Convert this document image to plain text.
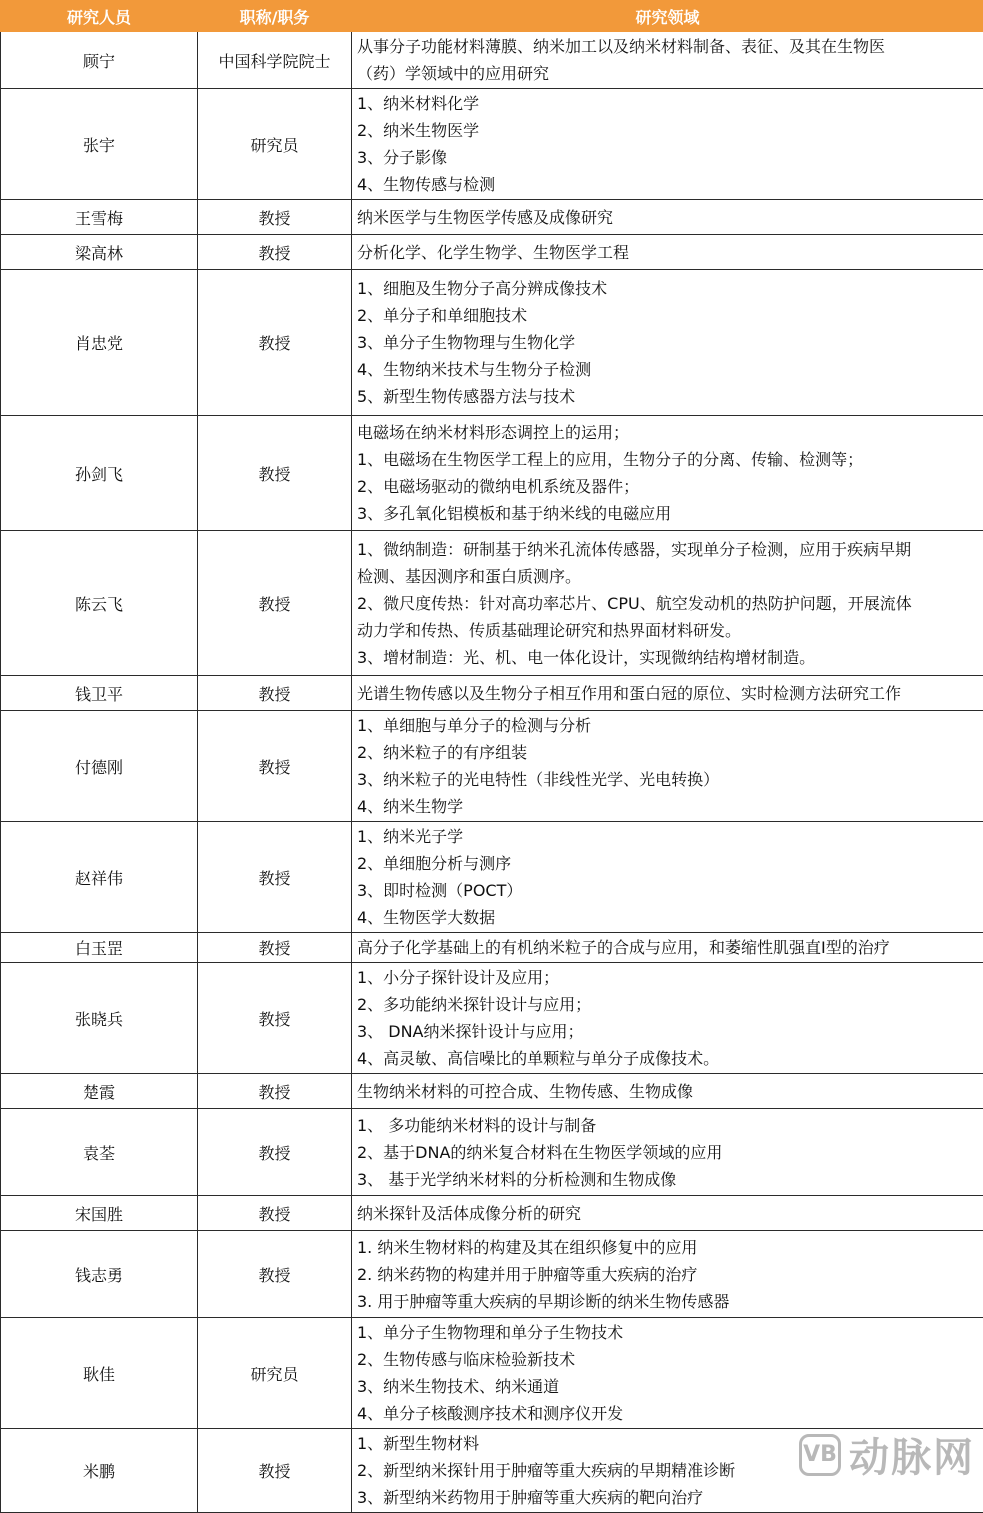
研究人员	职称/职务	研究领域
顾宁	中国科学院院士	从事分子功能材料薄膜、纳米加工以及纳米材料制备、表征、及其在生物医
（药）学领域中的应用研究

张宇	研究员	1、纳米材料化学
2、纳米生物医学
3、分子影像
4、生物传感与检测

王雪梅	教授	纳米医学与生物医学传感及成像研究

梁高林	教授	分析化学、化学生物学、生物医学工程

肖忠党	教授	1、细胞及生物分子高分辨成像技术
2、单分子和单细胞技术
3、单分子生物物理与生物化学
4、生物纳米技术与生物分子检测
5、新型生物传感器方法与技术

孙剑飞	教授	电磁场在纳米材料形态调控上的运用；
1、电磁场在生物医学工程上的应用，生物分子的分离、传输、检测等；
2、电磁场驱动的微纳电机系统及器件；
3、多孔氧化铝模板和基于纳米线的电磁应用

陈云飞	教授	1、微纳制造：研制基于纳米孔流体传感器，实现单分子检测，应用于疾病早期
检测、基因测序和蛋白质测序。
2、微尺度传热：针对高功率芯片、CPU、航空发动机的热防护问题，开展流体
动力学和传热、传质基础理论研究和热界面材料研发。
3、增材制造：光、机、电一体化设计，实现微纳结构增材制造。

钱卫平	教授	光谱生物传感以及生物分子相互作用和蛋白冠的原位、实时检测方法研究工作

付德刚	教授	1、单细胞与单分子的检测与分析
2、纳米粒子的有序组装
3、纳米粒子的光电特性（非线性光学、光电转换）
4、纳米生物学

赵祥伟	教授	1、纳米光子学
2、单细胞分析与测序
3、即时检测（POCT）
4、生物医学大数据

白玉罡	教授	高分子化学基础上的有机纳米粒子的合成与应用，和萎缩性肌强直I型的治疗

张晓兵	教授	1、小分子探针设计及应用；
2、多功能纳米探针设计与应用；
3、 DNA纳米探针设计与应用；
4、高灵敏、高信噪比的单颗粒与单分子成像技术。

楚霞	教授	生物纳米材料的可控合成、生物传感、生物成像

袁荃	教授	1、 多功能纳米材料的设计与制备
2、基于DNA的纳米复合材料在生物医学领域的应用
3、 基于光学纳米材料的分析检测和生物成像

宋国胜	教授	纳米探针及活体成像分析的研究

钱志勇	教授	1. 纳米生物材料的构建及其在组织修复中的应用
2. 纳米药物的构建并用于肿瘤等重大疾病的治疗
3. 用于肿瘤等重大疾病的早期诊断的纳米生物传感器

耿佳	研究员	1、单分子生物物理和单分子生物技术
2、生物传感与临床检验新技术
3、纳米生物技术、纳米通道
4、单分子核酸测序技术和测序仪开发

米鹏	教授	1、新型生物材料
2、新型纳米探针用于肿瘤等重大疾病的早期精准诊断
3、新型纳米药物用于肿瘤等重大疾病的靶向治疗
VB 动脉网
